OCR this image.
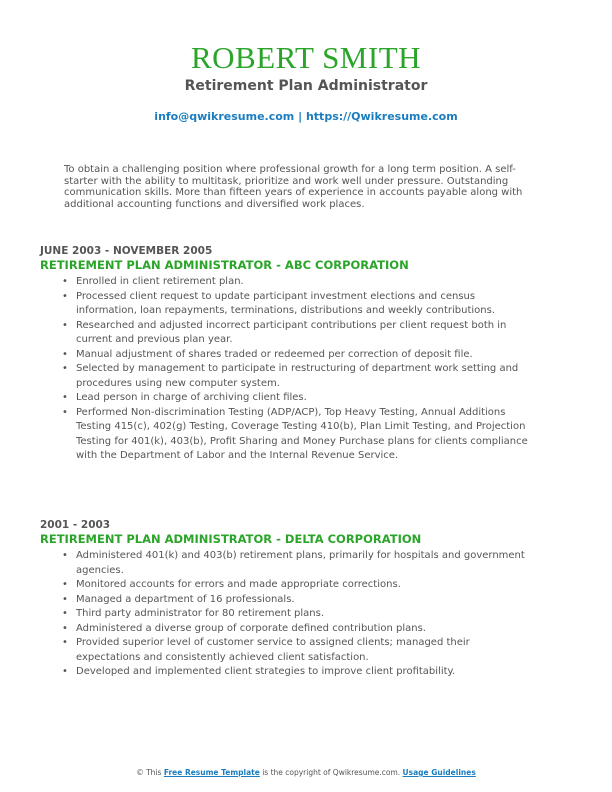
ROBERT SMITH
Retirement Plan Administrator
info@qwikresume.com | https://Qwikresume.com
To obtain a challenging position where professional growth for a long term position. A self-starter with the ability to multitask, prioritize and work well under pressure. Outstanding communication skills. More than fifteen years of experience in accounts payable along with additional accounting functions and diversified work places.
JUNE 2003 - NOVEMBER 2005
RETIREMENT PLAN ADMINISTRATOR - ABC CORPORATION
• Enrolled in client retirement plan.
• Processed client request to update participant investment elections and census information, loan repayments, terminations, distributions and weekly contributions.
• Researched and adjusted incorrect participant contributions per client request both in current and previous plan year.
• Manual adjustment of shares traded or redeemed per correction of deposit file.
• Selected by management to participate in restructuring of department work setting and procedures using new computer system.
• Lead person in charge of archiving client files.
• Performed Non-discrimination Testing (ADP/ACP), Top Heavy Testing, Annual Additions Testing 415(c), 402(g) Testing, Coverage Testing 410(b), Plan Limit Testing, and Projection Testing for 401(k), 403(b), Profit Sharing and Money Purchase plans for clients compliance with the Department of Labor and the Internal Revenue Service.
2001 - 2003
RETIREMENT PLAN ADMINISTRATOR - DELTA CORPORATION
• Administered 401(k) and 403(b) retirement plans, primarily for hospitals and government agencies.
• Monitored accounts for errors and made appropriate corrections.
• Managed a department of 16 professionals.
• Third party administrator for 80 retirement plans.
• Administered a diverse group of corporate defined contribution plans.
• Provided superior level of customer service to assigned clients; managed their expectations and consistently achieved client satisfaction.
• Developed and implemented client strategies to improve client profitability.
© This Free Resume Template is the copyright of Qwikresume.com. Usage Guidelines
